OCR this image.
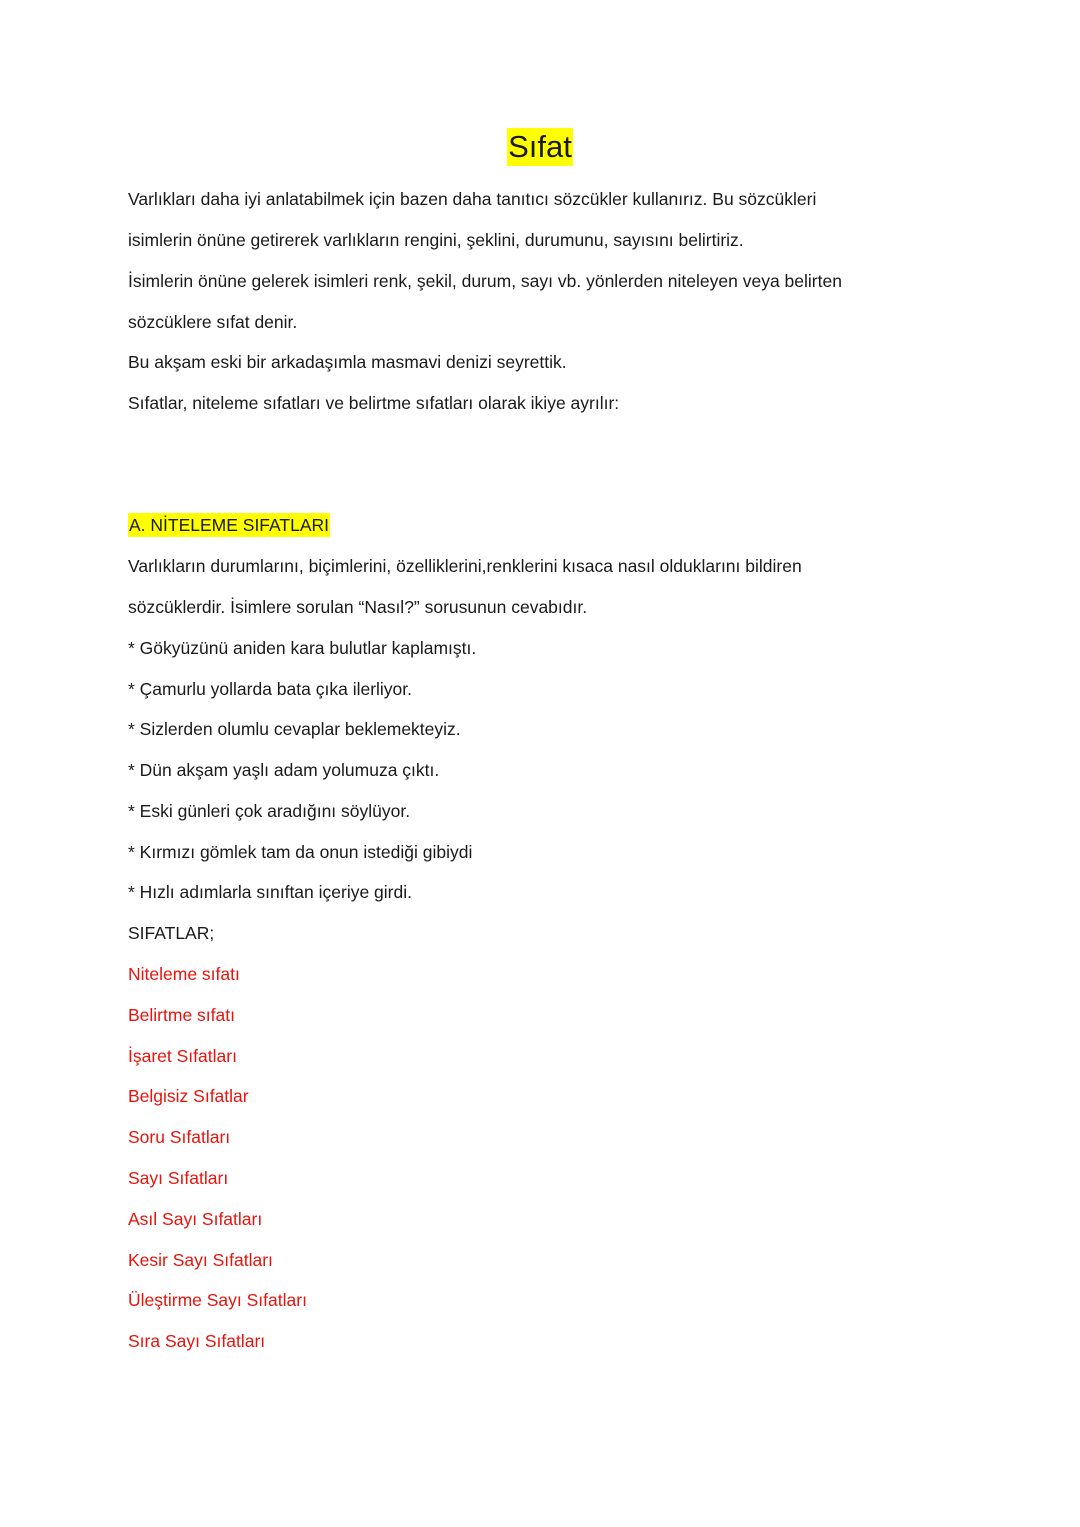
Sıfat
Varlıkları daha iyi anlatabilmek için bazen daha tanıtıcı sözcükler kullanırız. Bu sözcükleri
isimlerin önüne getirerek varlıkların rengini, şeklini, durumunu, sayısını belirtiriz.
İsimlerin önüne gelerek isimleri renk, şekil, durum, sayı vb. yönlerden niteleyen veya belirten
sözcüklere sıfat denir.
Bu akşam eski bir arkadaşımla masmavi denizi seyrettik.
Sıfatlar, niteleme sıfatları ve belirtme sıfatları olarak ikiye ayrılır:
A. NİTELEME SIFATLARI
Varlıkların durumlarını, biçimlerini, özelliklerini,renklerini kısaca nasıl olduklarını bildiren
sözcüklerdir. İsimlere sorulan “Nasıl?” sorusunun cevabıdır.
* Gökyüzünü aniden kara bulutlar kaplamıştı.
* Çamurlu yollarda bata çıka ilerliyor.
* Sizlerden olumlu cevaplar beklemekteyiz.
* Dün akşam yaşlı adam yolumuza çıktı.
* Eski günleri çok aradığını söylüyor.
* Kırmızı gömlek tam da onun istediği gibiydi
* Hızlı adımlarla sınıftan içeriye girdi.
SIFATLAR;
Niteleme sıfatı
Belirtme sıfatı
İşaret Sıfatları
Belgisiz Sıfatlar
Soru Sıfatları
Sayı Sıfatları
Asıl Sayı Sıfatları
Kesir Sayı Sıfatları
Üleştirme Sayı Sıfatları
Sıra Sayı Sıfatları
